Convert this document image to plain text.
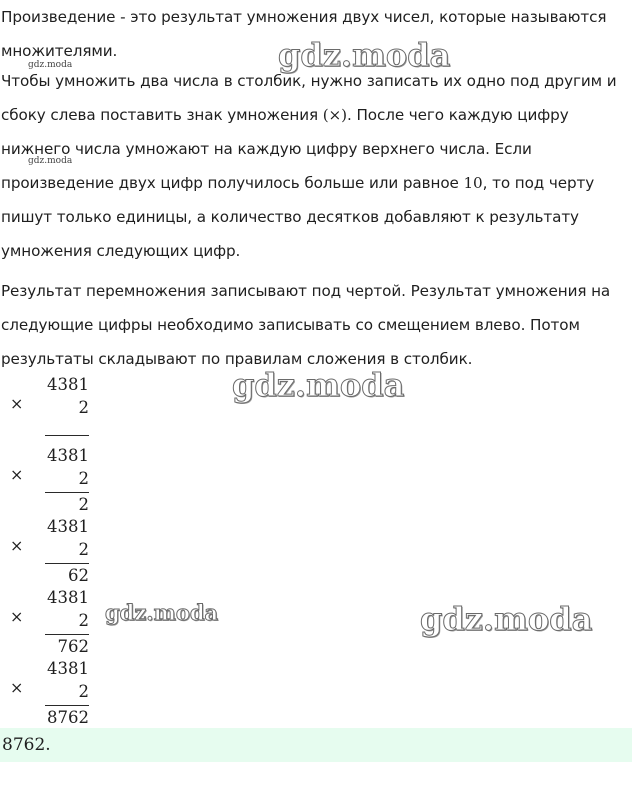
Произведение - это результат умножения двух чисел, которые называются
множителями.

Чтобы умножить два числа в столбик, нужно записать их одно под другим и сбоку слева поставить знак умножения (×). После чего каждую цифру нижнего числа умножают на каждую цифру верхнего числа. Если произведение двух цифр получилось больше или равное 10, то под черту пишут только единицы, а количество десятков добавляют к результату умножения следующих цифр.

Результат перемножения записывают под чертой. Результат умножения на следующие цифры необходимо записывать со смещением влево. Потом результаты складывают по правилам сложения в столбик.

×
4381
2
×
4381
2
2
×
4381
2
62
×
4381
2
762
×
4381
2
8762
gdz.moda
gdz.moda
gdz.moda
gdz.moda
gdz.moda	gdz.moda
8762.
